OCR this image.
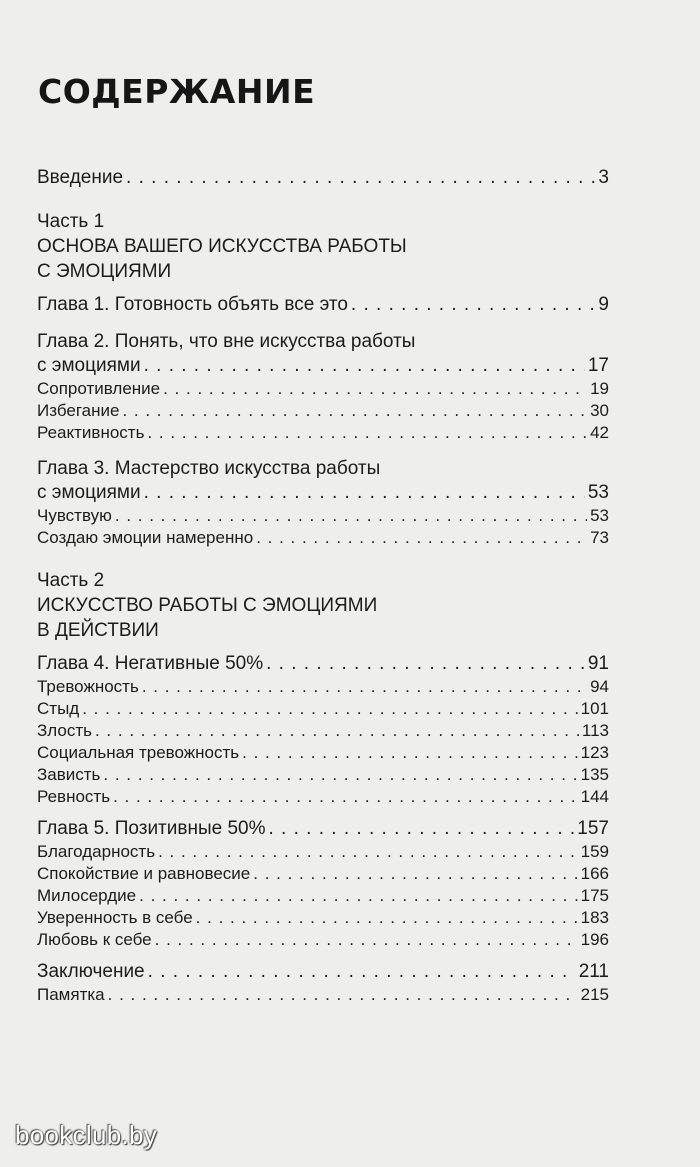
СОДЕРЖАНИЕ
Введение . . .	3
Часть 1
ОСНОВА ВАШЕГО ИСКУССТВА РАБОТЫ
С ЭМОЦИЯМИ
Глава 1. Готовность объять все это . . .	9
Глава 2. Понять, что вне искусства работы
с эмоциями . . .	17
Сопротивление . . .	19
Избегание . . .	30
Реактивность . . .	42
Глава 3. Мастерство искусства работы
с эмоциями . . .	53
Чувствую . . .	53
Создаю эмоции намеренно . . .	73
Часть 2
ИСКУССТВО РАБОТЫ С ЭМОЦИЯМИ
В ДЕЙСТВИИ
Глава 4. Негативные 50% . . .	91
Тревожность . . .	94
Стыд . . .	101
Злость . . .	113
Социальная тревожность . . .	123
Зависть . . .	135
Ревность . . .	144
Глава 5. Позитивные 50% . . .	157
Благодарность . . .	159
Спокойствие и равновесие . . .	166
Милосердие . . .	175
Уверенность в себе . . .	183
Любовь к себе . . .	196
Заключение . . .	211
Памятка . . .	215
bookclub.by
